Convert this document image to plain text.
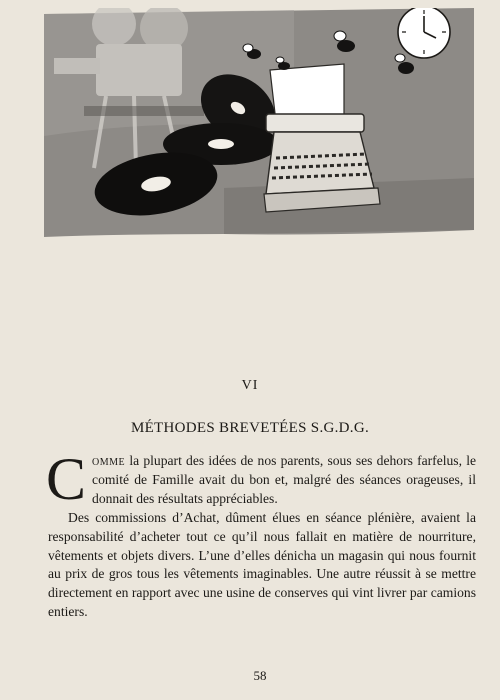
VI
MÉTHODES BREVETÉES S.G.D.G.

Comme la plupart des idées de nos parents, sous ses dehors farfelus, le comité de Famille avait du bon et, malgré des séances orageuses, il donnait des résultats appréciables.

Des commissions d’Achat, dûment élues en séance plénière, avaient la responsabilité d’acheter tout ce qu’il nous fallait en matière de nourriture, vêtements et objets divers. L’une d’elles dénicha un magasin qui nous fournit au prix de gros tous les vêtements imaginables. Une autre réussit à se mettre directement en rapport avec une usine de conserves qui vint livrer par camions entiers.

58
